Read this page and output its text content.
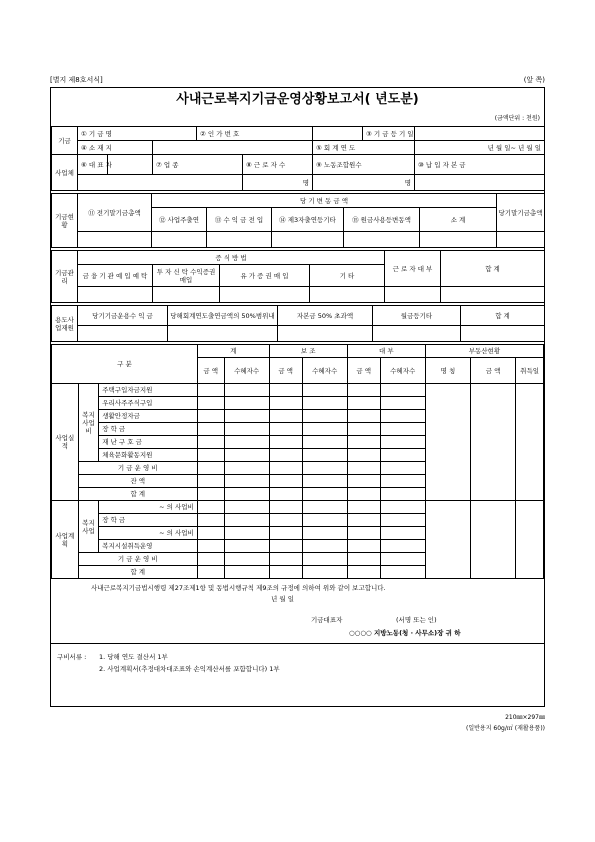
[별지 제8호서식]	(앞 쪽)
사내근로복지기금운영상황보고서( 년도분)
(금액단위 : 천원)
기금	① 기 금 명			② 인 가 번 호			③ 기 금 등 기 일	
	④ 소 재 지					⑤ 회 계 연 도		년 월 일~ 년 월 일
사업체	⑥ 대 표 자		⑦ 업 종		⑧ 근 로 자 수	⑨ 노동조합원수		⑩ 납 입 자 본 금
					명	명		
기금현황	⑪ 전기말기금총액	당 기 변 동 금 액					당기말기금총액
		⑫ 사업주출연	⑬ 수 익 금 전 입	⑭ 제3자출연등기타	⑮ 원금사용등변동액	소 계	

기금관리	증 식 방 법				근 로 자 대 부	합 계
	금 융 기 관 예 입 예 탁	투 자 신 탁 수익증권매입	유 가 증 권 매 입	기 타		

용도사업재원	당기기금운용수 익 금	당해회계연도출연금액의 50%범위내	자본금 50% 초과액	월금등기타	합 계

구 분			계		보 조		대 부		부동산현황		
			금 액	수혜자수	금 액	수혜자수	금 액	수혜자수	명 칭	금 액	취득일

사업실적	복지사업비	주택구입자금지원									
		우리사주주식구입									
		생활안정자금									
		장 학 금									
		재 난 구 호 금									
		체육문화활동지원									
	기 금 운 영 비										
	잔 액										
	합 계										
사업계획	복지사업	~ 의 사업비									
		장 학 금									
		~ 의 사업비									
		복지시설취득운영									
	기 금 운 영 비										
	합 계										
사내근로복지기금법시행령 제27조제1항 및 동법시행규칙 제9조의 규정에 의하여 위와 같이 보고합니다.
년 월 일
기금대표자	(서명 또는 인)
○○○○ 지방노동(청 · 사무소)장 귀 하
구비서류 : 1. 당해 연도 결산서 1부
2. 사업계획서(추정대차대조표와 손익계산서를 포함합니다) 1부
210㎜×297㎜
(일반용지 60g/㎡ (재활용품))
